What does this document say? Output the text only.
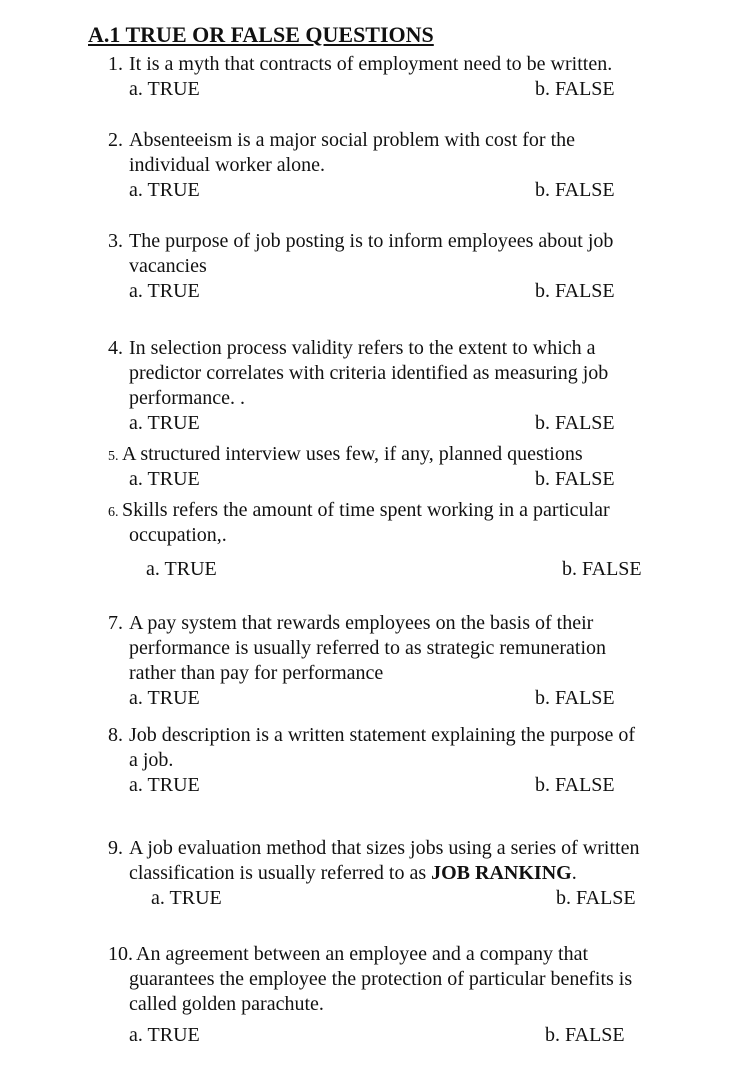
A.1 TRUE OR FALSE QUESTIONS
1. It is a myth that contracts of employment need to be written.
a. TRUE	b. FALSE
2. Absenteeism is a major social problem with cost for the
individual worker alone.
a. TRUE	b. FALSE
3. The purpose of job posting is to inform employees about job
vacancies
a. TRUE	b. FALSE
4. In selection process validity refers to the extent to which a
predictor correlates with criteria identified as measuring job
performance. .
a. TRUE	b. FALSE
5. A structured interview uses few, if any, planned questions
a. TRUE	b. FALSE
6. Skills refers the amount of time spent working in a particular
occupation,.
a. TRUE	b. FALSE
7. A pay system that rewards employees on the basis of their
performance is usually referred to as strategic remuneration
rather than pay for performance
a. TRUE	b. FALSE
8. Job description is a written statement explaining the purpose of
a job.
a. TRUE	b. FALSE
9. A job evaluation method that sizes jobs using a series of written
classification is usually referred to as JOB RANKING.
a. TRUE	b. FALSE
10. An agreement between an employee and a company that
guarantees the employee the protection of particular benefits is
called golden parachute.
a. TRUE	b. FALSE
